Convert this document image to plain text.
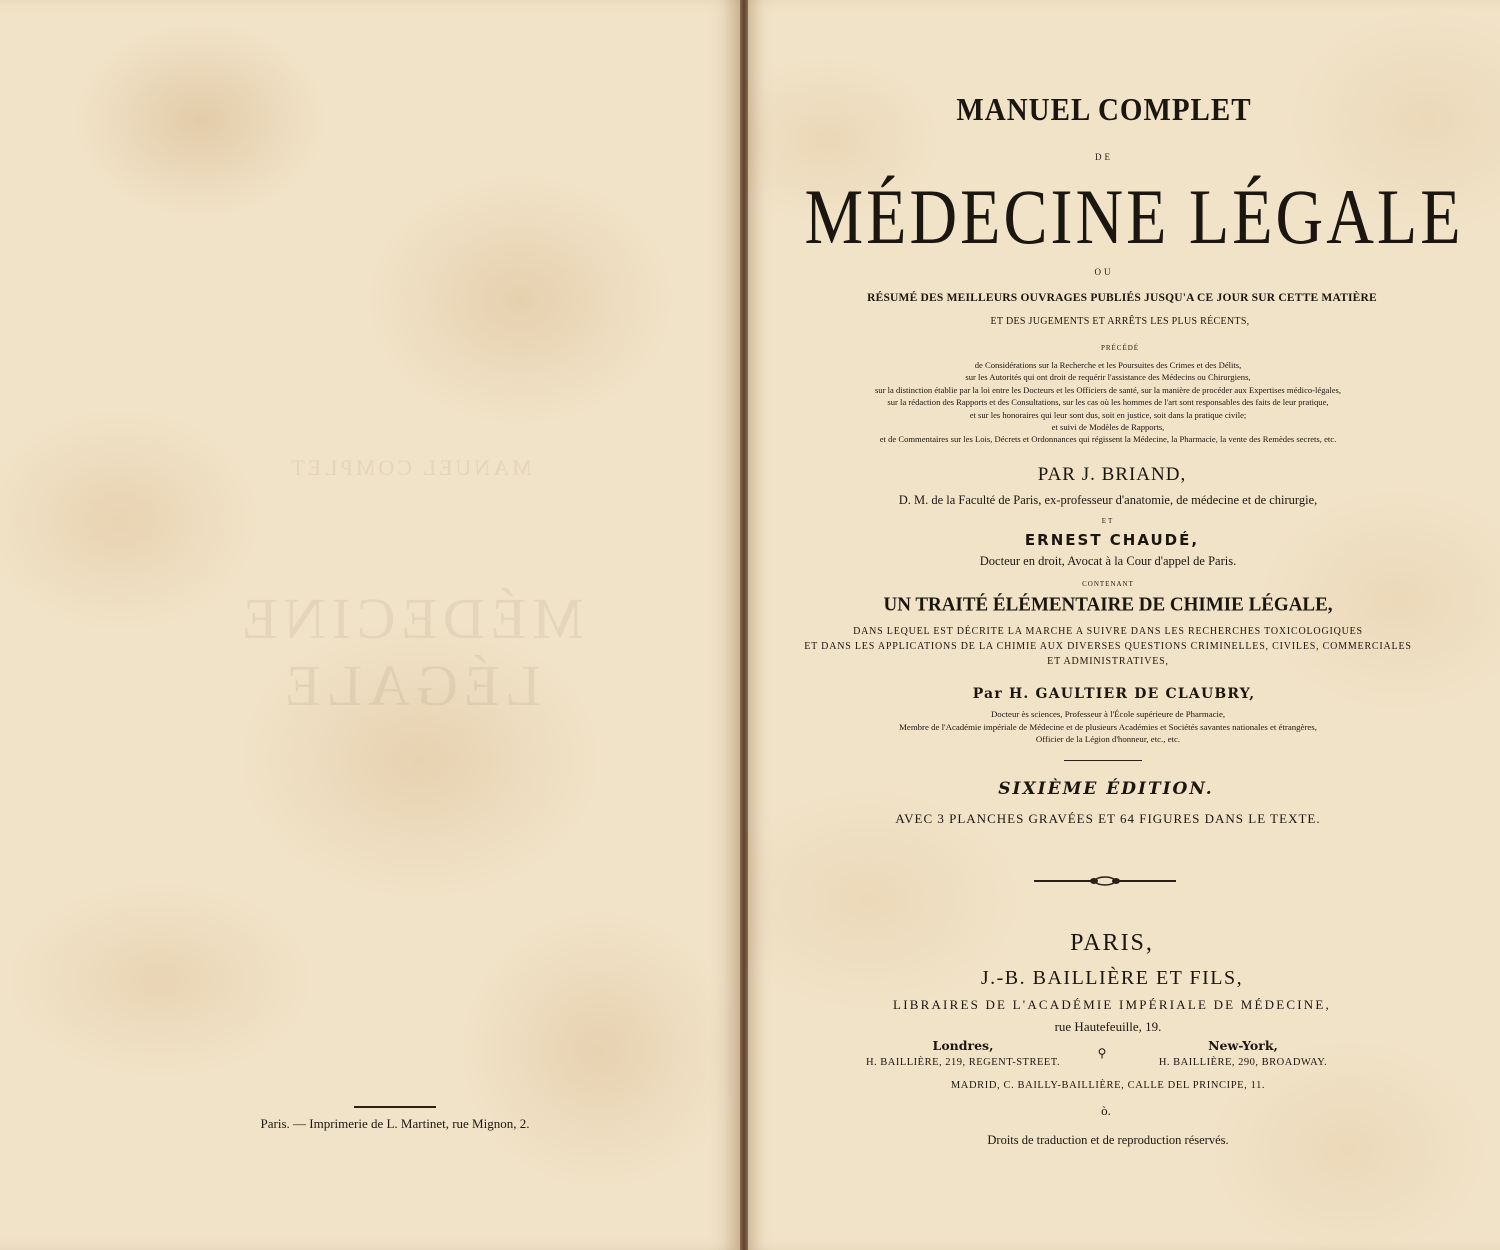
MANUEL COMPLET
MÉDECINE LÉGALE
Paris. — Imprimerie de L. Martinet, rue Mignon, 2.
MANUEL COMPLET
DE
MÉDECINE LÉGALE
OU
RÉSUMÉ DES MEILLEURS OUVRAGES PUBLIÉS JUSQU'A CE JOUR SUR CETTE MATIÈRE
ET DES JUGEMENTS ET ARRÊTS LES PLUS RÉCENTS,
PRÉCÉDÉ
de Considérations sur la Recherche et les Poursuites des Crimes et des Délits,
sur les Autorités qui ont droit de requérir l'assistance des Médecins ou Chirurgiens,
sur la distinction établie par la loi entre les Docteurs et les Officiers de santé, sur la manière de procéder aux Expertises médico-légales,
sur la rédaction des Rapports et des Consultations, sur les cas où les hommes de l'art sont responsables des faits de leur pratique,
et sur les honoraires qui leur sont dus, soit en justice, soit dans la pratique civile;
et suivi de Modèles de Rapports,
et de Commentaires sur les Lois, Décrets et Ordonnances qui régissent la Médecine, la Pharmacie, la vente des Remèdes secrets, etc.
PAR J. BRIAND,
D. M. de la Faculté de Paris, ex-professeur d'anatomie, de médecine et de chirurgie,
ET
ERNEST CHAUDÉ,
Docteur en droit, Avocat à la Cour d'appel de Paris.
CONTENANT
UN TRAITÉ ÉLÉMENTAIRE DE CHIMIE LÉGALE,
DANS LEQUEL EST DÉCRITE LA MARCHE A SUIVRE DANS LES RECHERCHES TOXICOLOGIQUES
ET DANS LES APPLICATIONS DE LA CHIMIE AUX DIVERSES QUESTIONS CRIMINELLES, CIVILES, COMMERCIALES
ET ADMINISTRATIVES,
Par H. GAULTIER DE CLAUBRY,
Docteur ès sciences, Professeur à l'École supérieure de Pharmacie,
Membre de l'Académie impériale de Médecine et de plusieurs Académies et Sociétés savantes nationales et étrangères,
Officier de la Légion d'honneur, etc., etc.
SIXIÈME ÉDITION.
AVEC 3 PLANCHES GRAVÉES ET 64 FIGURES DANS LE TEXTE.
PARIS,
J.-B. BAILLIÈRE ET FILS,
LIBRAIRES DE L'ACADÉMIE IMPÉRIALE DE MÉDECINE,
rue Hautefeuille, 19.
Londres,
H. BAILLIÈRE, 219, REGENT-STREET.
⚲	New-York,
H. BAILLIÈRE, 290, BROADWAY.
MADRID, C. BAILLY-BAILLIÈRE, CALLE DEL PRINCIPE, 11.
ò.
Droits de traduction et de reproduction réservés.
